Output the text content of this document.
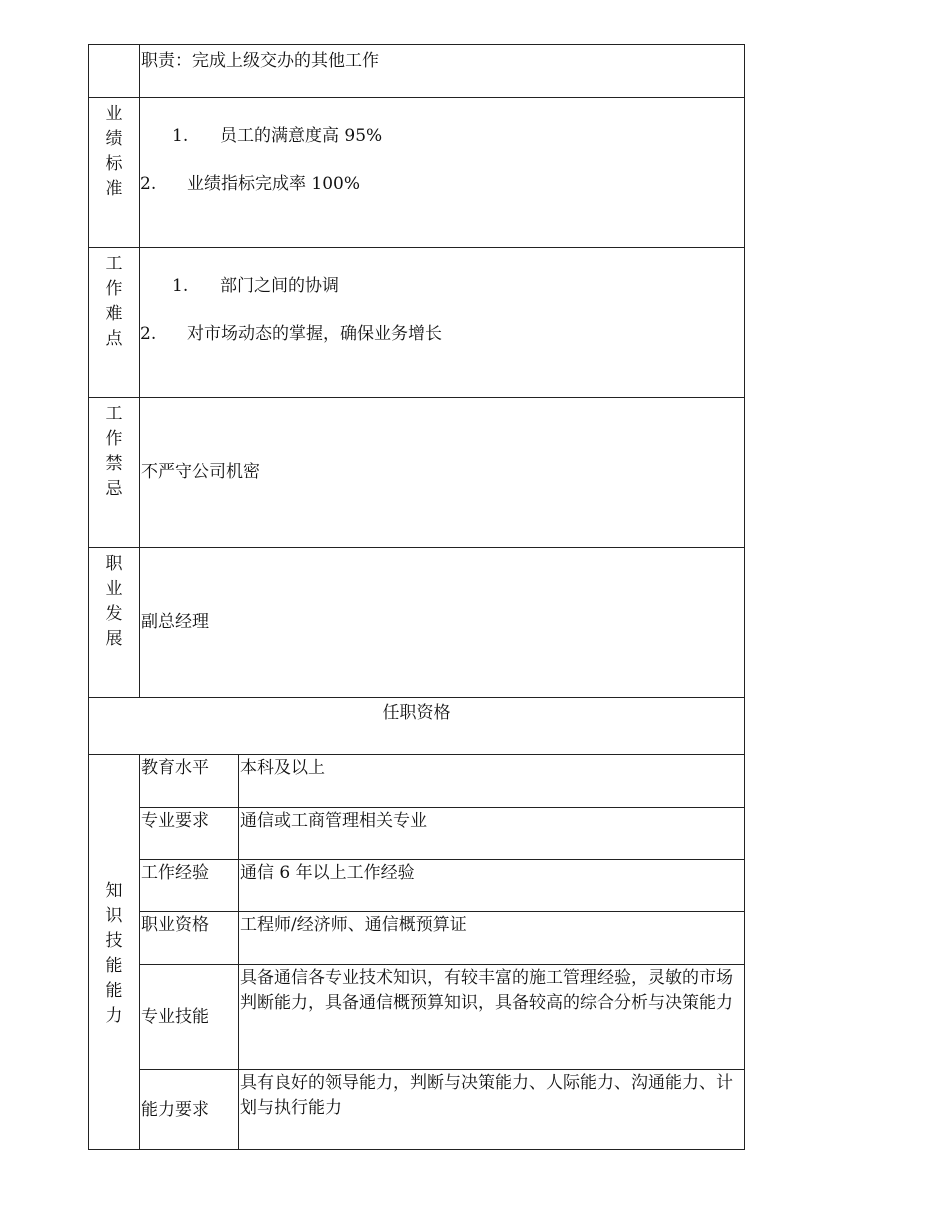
	职责：完成上级交办的其他工作	

业绩标准	1. 员工的满意度高 95%
2. 业绩指标完成率 100%	

工作难点	1. 部门之间的协调
2. 对市场动态的掌握，确保业务增长	

工作禁忌	不严守公司机密	

职业发展	副总经理	

任职资格		
知识技能能力	教育水平	本科及以上
	专业要求	通信或工商管理相关专业
	工作经验	通信 6 年以上工作经验
	职业资格	工程师/经济师、通信概预算证
	专业技能	具备通信各专业技术知识，有较丰富的施工管理经验，灵敏的市场判断能力，具备通信概预算知识，具备较高的综合分析与决策能力
	能力要求	具有良好的领导能力，判断与决策能力、人际能力、沟通能力、计划与执行能力
